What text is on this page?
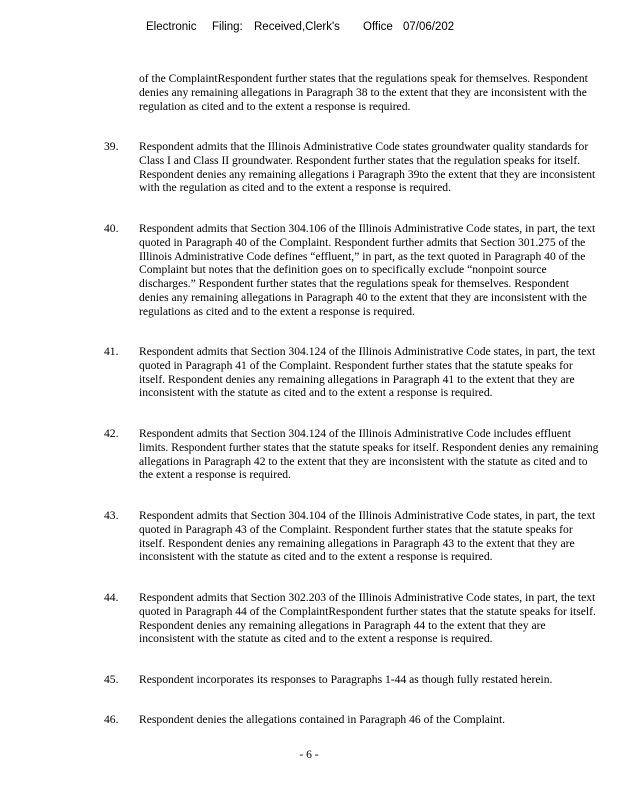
Electronic

Filing:

Received,Clerk's

Office

07/06/202

of the ComplaintRespondent further states that the regulations speak for themselves. Respondent denies any remaining allegations in Paragraph 38 to the extent that they are inconsistent with the regulation as cited and to the extent a response is required.
39. Respondent admits that the Illinois Administrative Code states groundwater quality standards for Class I and Class II groundwater. Respondent further states that the regulation speaks for itself. Respondent denies any remaining allegations i Paragraph 39to the extent that they are inconsistent with the regulation as cited and to the extent a response is required.
40. Respondent admits that Section 304.106 of the Illinois Administrative Code states, in part, the text quoted in Paragraph 40 of the Complaint. Respondent further admits that Section 301.275 of the Illinois Administrative Code defines “effluent,” in part, as the text quoted in Paragraph 40 of the Complaint but notes that the definition goes on to specifically exclude “nonpoint source discharges.” Respondent further states that the regulations speak for themselves. Respondent denies any remaining allegations in Paragraph 40 to the extent that they are inconsistent with the regulations as cited and to the extent a response is required.
41. Respondent admits that Section 304.124 of the Illinois Administrative Code states, in part, the text quoted in Paragraph 41 of the Complaint. Respondent further states that the statute speaks for itself. Respondent denies any remaining allegations in Paragraph 41 to the extent that they are inconsistent with the statute as cited and to the extent a response is required.
42. Respondent admits that Section 304.124 of the Illinois Administrative Code includes effluent limits. Respondent further states that the statute speaks for itself. Respondent denies any remaining allegations in Paragraph 42 to the extent that they are inconsistent with the statute as cited and to the extent a response is required.
43. Respondent admits that Section 304.104 of the Illinois Administrative Code states, in part, the text quoted in Paragraph 43 of the Complaint. Respondent further states that the statute speaks for itself. Respondent denies any remaining allegations in Paragraph 43 to the extent that they are inconsistent with the statute as cited and to the extent a response is required.
44. Respondent admits that Section 302.203 of the Illinois Administrative Code states, in part, the text quoted in Paragraph 44 of the ComplaintRespondent further states that the statute speaks for itself. Respondent denies any remaining allegations in Paragraph 44 to the extent that they are inconsistent with the statute as cited and to the extent a response is required.
45. Respondent incorporates its responses to Paragraphs 1-44 as though fully restated herein.
46. Respondent denies the allegations contained in Paragraph 46 of the Complaint.
- 6 -
